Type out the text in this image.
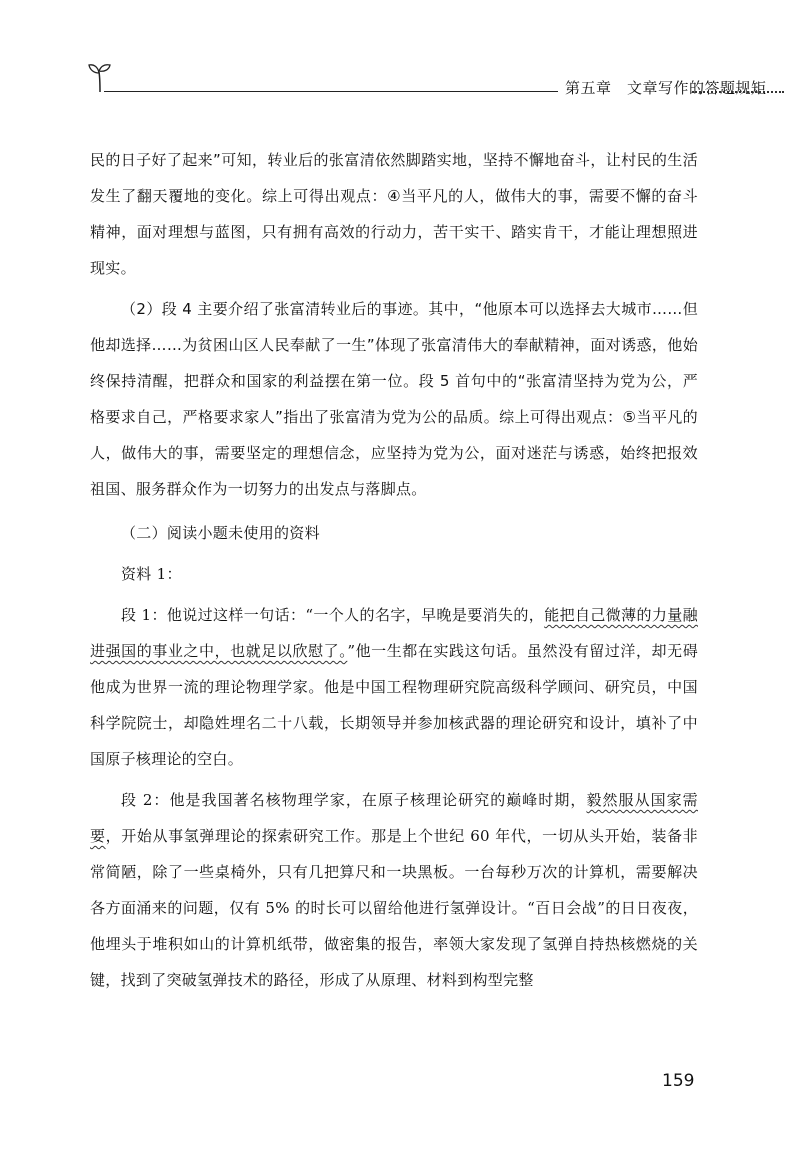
第五章　文章写作的答题规矩

民的日子好了起来”可知，转业后的张富清依然脚踏实地，坚持不懈地奋斗，让村民的生活发生了翻天覆地的变化。综上可得出观点：④当平凡的人，做伟大的事，需要不懈的奋斗精神，面对理想与蓝图，只有拥有高效的行动力，苦干实干、踏实肯干，才能让理想照进现实。

（2）段 4 主要介绍了张富清转业后的事迹。其中，“他原本可以选择去大城市……但他却选择……为贫困山区人民奉献了一生”体现了张富清伟大的奉献精神，面对诱惑，他始终保持清醒，把群众和国家的利益摆在第一位。段 5 首句中的“张富清坚持为党为公，严格要求自己，严格要求家人”指出了张富清为党为公的品质。综上可得出观点：⑤当平凡的人，做伟大的事，需要坚定的理想信念，应坚持为党为公，面对迷茫与诱惑，始终把报效祖国、服务群众作为一切努力的出发点与落脚点。

（二）阅读小题未使用的资料

资料 1：

段 1：他说过这样一句话：“一个人的名字，早晚是要消失的，能把自己微薄的力量融进强国的事业之中，也就足以欣慰了。”他一生都在实践这句话。虽然没有留过洋，却无碍他成为世界一流的理论物理学家。他是中国工程物理研究院高级科学顾问、研究员，中国科学院院士，却隐姓埋名二十八载，长期领导并参加核武器的理论研究和设计，填补了中国原子核理论的空白。

段 2：他是我国著名核物理学家，在原子核理论研究的巅峰时期，毅然服从国家需要，开始从事氢弹理论的探索研究工作。那是上个世纪 60 年代，一切从头开始，装备非常简陋，除了一些桌椅外，只有几把算尺和一块黑板。一台每秒万次的计算机，需要解决各方面涌来的问题，仅有 5% 的时长可以留给他进行氢弹设计。“百日会战”的日日夜夜，他埋头于堆积如山的计算机纸带，做密集的报告，率领大家发现了氢弹自持热核燃烧的关键，找到了突破氢弹技术的路径，形成了从原理、材料到构型完整

159
